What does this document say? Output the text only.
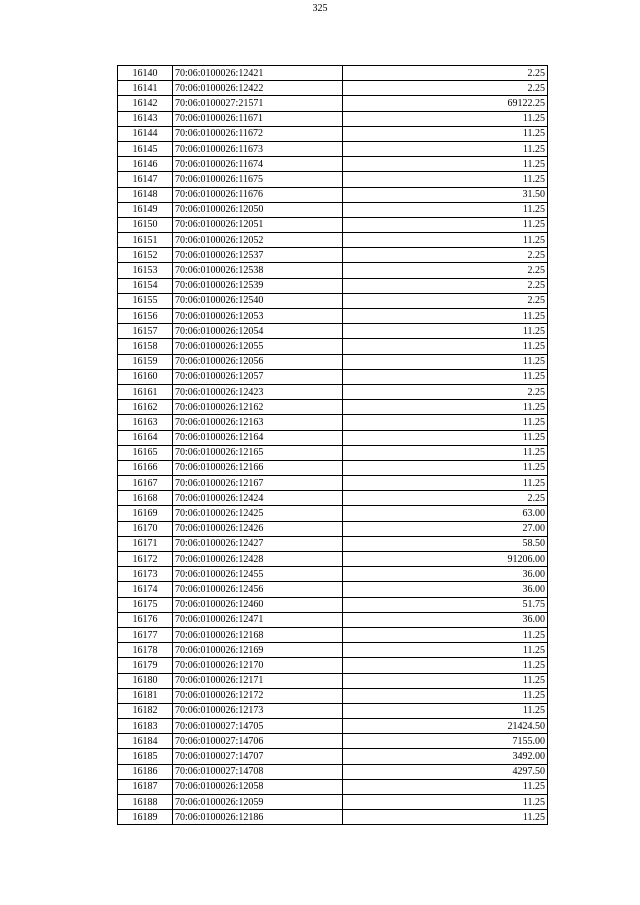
325
16140	70:06:0100026:12421	2.25
16141	70:06:0100026:12422	2.25
16142	70:06:0100027:21571	69122.25
16143	70:06:0100026:11671	11.25
16144	70:06:0100026:11672	11.25
16145	70:06:0100026:11673	11.25
16146	70:06:0100026:11674	11.25
16147	70:06:0100026:11675	11.25
16148	70:06:0100026:11676	31.50
16149	70:06:0100026:12050	11.25
16150	70:06:0100026:12051	11.25
16151	70:06:0100026:12052	11.25
16152	70:06:0100026:12537	2.25
16153	70:06:0100026:12538	2.25
16154	70:06:0100026:12539	2.25
16155	70:06:0100026:12540	2.25
16156	70:06:0100026:12053	11.25
16157	70:06:0100026:12054	11.25
16158	70:06:0100026:12055	11.25
16159	70:06:0100026:12056	11.25
16160	70:06:0100026:12057	11.25
16161	70:06:0100026:12423	2.25
16162	70:06:0100026:12162	11.25
16163	70:06:0100026:12163	11.25
16164	70:06:0100026:12164	11.25
16165	70:06:0100026:12165	11.25
16166	70:06:0100026:12166	11.25
16167	70:06:0100026:12167	11.25
16168	70:06:0100026:12424	2.25
16169	70:06:0100026:12425	63.00
16170	70:06:0100026:12426	27.00
16171	70:06:0100026:12427	58.50
16172	70:06:0100026:12428	91206.00
16173	70:06:0100026:12455	36.00
16174	70:06:0100026:12456	36.00
16175	70:06:0100026:12460	51.75
16176	70:06:0100026:12471	36.00
16177	70:06:0100026:12168	11.25
16178	70:06:0100026:12169	11.25
16179	70:06:0100026:12170	11.25
16180	70:06:0100026:12171	11.25
16181	70:06:0100026:12172	11.25
16182	70:06:0100026:12173	11.25
16183	70:06:0100027:14705	21424.50
16184	70:06:0100027:14706	7155.00
16185	70:06:0100027:14707	3492.00
16186	70:06:0100027:14708	4297.50
16187	70:06:0100026:12058	11.25
16188	70:06:0100026:12059	11.25
16189	70:06:0100026:12186	11.25
